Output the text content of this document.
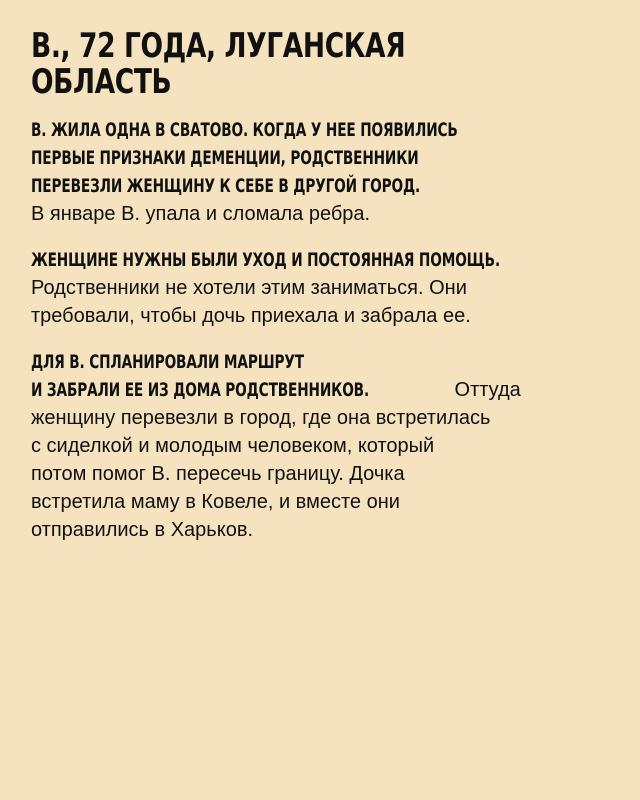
В., 72 ГОДА, ЛУГАНСКАЯ
ОБЛАСТЬ
В. ЖИЛА ОДНА В СВАТОВО. КОГДА У НЕЕ ПОЯВИЛИСЬ
ПЕРВЫЕ ПРИЗНАКИ ДЕМЕНЦИИ, РОДСТВЕННИКИ
ПЕРЕВЕЗЛИ ЖЕНЩИНУ К СЕБЕ В ДРУГОЙ ГОРОД.
В январе В. упала и сломала ребра.
ЖЕНЩИНЕ НУЖНЫ БЫЛИ УХОД И ПОСТОЯННАЯ ПОМОЩЬ.
Родственники не хотели этим заниматься. Они
требовали, чтобы дочь приехала и забрала ее.
ДЛЯ В. СПЛАНИРОВАЛИ МАРШРУТ
И ЗАБРАЛИ ЕЕ ИЗ ДОМА РОДСТВЕННИКОВ.	Оттуда
женщину перевезли в город, где она встретилась
с сиделкой и молодым человеком, который
потом помог В. пересечь границу. Дочка
встретила маму в Ковеле, и вместе они
отправились в Харьков.
